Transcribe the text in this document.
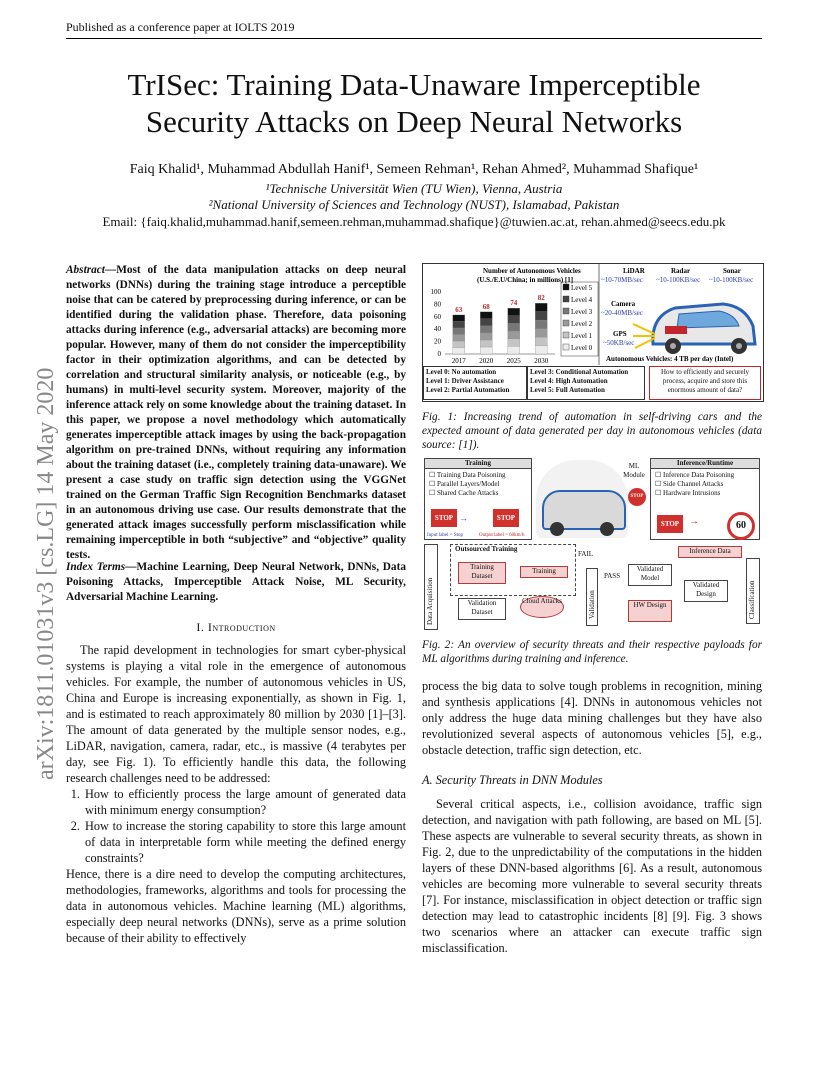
Published as a conference paper at IOLTS 2019
TrISec: Training Data-Unaware Imperceptible
Security Attacks on Deep Neural Networks
Faiq Khalid¹, Muhammad Abdullah Hanif¹, Semeen Rehman¹, Rehan Ahmed², Muhammad Shafique¹
¹Technische Universität Wien (TU Wien), Vienna, Austria
²National University of Sciences and Technology (NUST), Islamabad, Pakistan
Email: {faiq.khalid,muhammad.hanif,semeen.rehman,muhammad.shafique}@tuwien.ac.at, rehan.ahmed@seecs.edu.pk
arXiv:1811.01031v3 [cs.LG] 14 May 2020
Abstract—Most of the data manipulation attacks on deep neural networks (DNNs) during the training stage introduce a perceptible noise that can be catered by preprocessing during inference, or can be identified during the validation phase. Therefore, data poisoning attacks during inference (e.g., adversarial attacks) are becoming more popular. However, many of them do not consider the imperceptibility factor in their optimization algorithms, and can be detected by correlation and structural similarity analysis, or noticeable (e.g., by humans) in multi-level security system. Moreover, majority of the inference attack rely on some knowledge about the training dataset. In this paper, we propose a novel methodology which automatically generates imperceptible attack images by using the back-propagation algorithm on pre-trained DNNs, without requiring any information about the training dataset (i.e., completely training data-unaware). We present a case study on traffic sign detection using the VGGNet trained on the German Traffic Sign Recognition Benchmarks dataset in an autonomous driving use case. Our results demonstrate that the generated attack images successfully perform misclassification while remaining imperceptible in both “subjective” and “objective” quality tests.
Index Terms—Machine Learning, Deep Neural Network, DNNs, Data Poisoning Attacks, Imperceptible Attack Noise, ML Security, Adversarial Machine Learning.
I. Introduction

The rapid development in technologies for smart cyber-physical systems is playing a vital role in the emergence of autonomous vehicles. For example, the number of autonomous vehicles in US, China and Europe is increasing exponentially, as shown in Fig. 1, and is estimated to reach approximately 80 million by 2030 [1]–[3]. The amount of data generated by the multiple sensor nodes, e.g., LiDAR, navigation, camera, radar, etc., is massive (4 terabytes per day, see Fig. 1). To efficiently handle this data, the following research challenges need to be addressed:

1. How to efficiently process the large amount of generated data with minimum energy consumption?
2. How to increase the storing capability to store this large amount of data in interpretable form while meeting the defined energy constraints?

Hence, there is a dire need to develop the computing architectures, methodologies, frameworks, algorithms and tools for processing the data in autonomous vehicles. Machine learning (ML) algorithms, especially deep neural networks (DNNs), serve as a prime solution because of their ability to effectively

Number of Autonomous Vehicles
(U.S./E.U/China; in millions) [1]
0
20
40
60
80
100
63
2017
68
2020
74
2025
82
2030
Level 5
Level 4
Level 3
Level 2
Level 1
Level 0
LiDAR
~10-70MB/sec
Radar
~10-100KB/sec
Sonar
~10-100KB/sec
Camera
~20-40MB/sec
GPS
~50KB/sec
Autonomous Vehicles: 4 TB per day (Intel)
Level 0: No automation
Level 1: Driver Assistance
Level 2: Partial Automation
Level 3: Conditional Automation
Level 4: High Automation
Level 5: Full Automation
How to efficiently and securely process, acquire and store this enormous amount of data?
Fig. 1: Increasing trend of automation in self-driving cars and the expected amount of data generated per day in autonomous vehicles (data source: [1]).
Training
☐ Training Data Poisoning
☐ Parallel Layers/Model
☐ Shared Cache Attacks
STOP →	STOP
Input label = Stop	Output label = 60km/h
ML Module
STOP
Inference/Runtime
☐ Inference Data Poisoning
☐ Side Channel Attacks
☐ Hardware Intrusions
STOP →	60
Data Acquisition
Outsourced Training
FAIL
Training Dataset
Training
Validation Dataset
Cloud Attacks	Validation
PASS
Validated Model
HW Design
Inference Data
Validated Design	Classification
Fig. 2: An overview of security threats and their respective payloads for ML algorithms during training and inference.

process the big data to solve tough problems in recognition, mining and synthesis applications [4]. DNNs in autonomous vehicles not only address the huge data mining challenges but they have also revolutionized several aspects of autonomous vehicles [5], e.g., obstacle detection, traffic sign detection, etc.

A. Security Threats in DNN Modules

Several critical aspects, i.e., collision avoidance, traffic sign detection, and navigation with path following, are based on ML [5]. These aspects are vulnerable to several security threats, as shown in Fig. 2, due to the unpredictability of the computations in the hidden layers of these DNN-based algorithms [6]. As a result, autonomous vehicles are becoming more vulnerable to several security threats [7]. For instance, misclassification in object detection or traffic sign detection may lead to catastrophic incidents [8] [9]. Fig. 3 shows two scenarios where an attacker can execute traffic sign misclassification.
